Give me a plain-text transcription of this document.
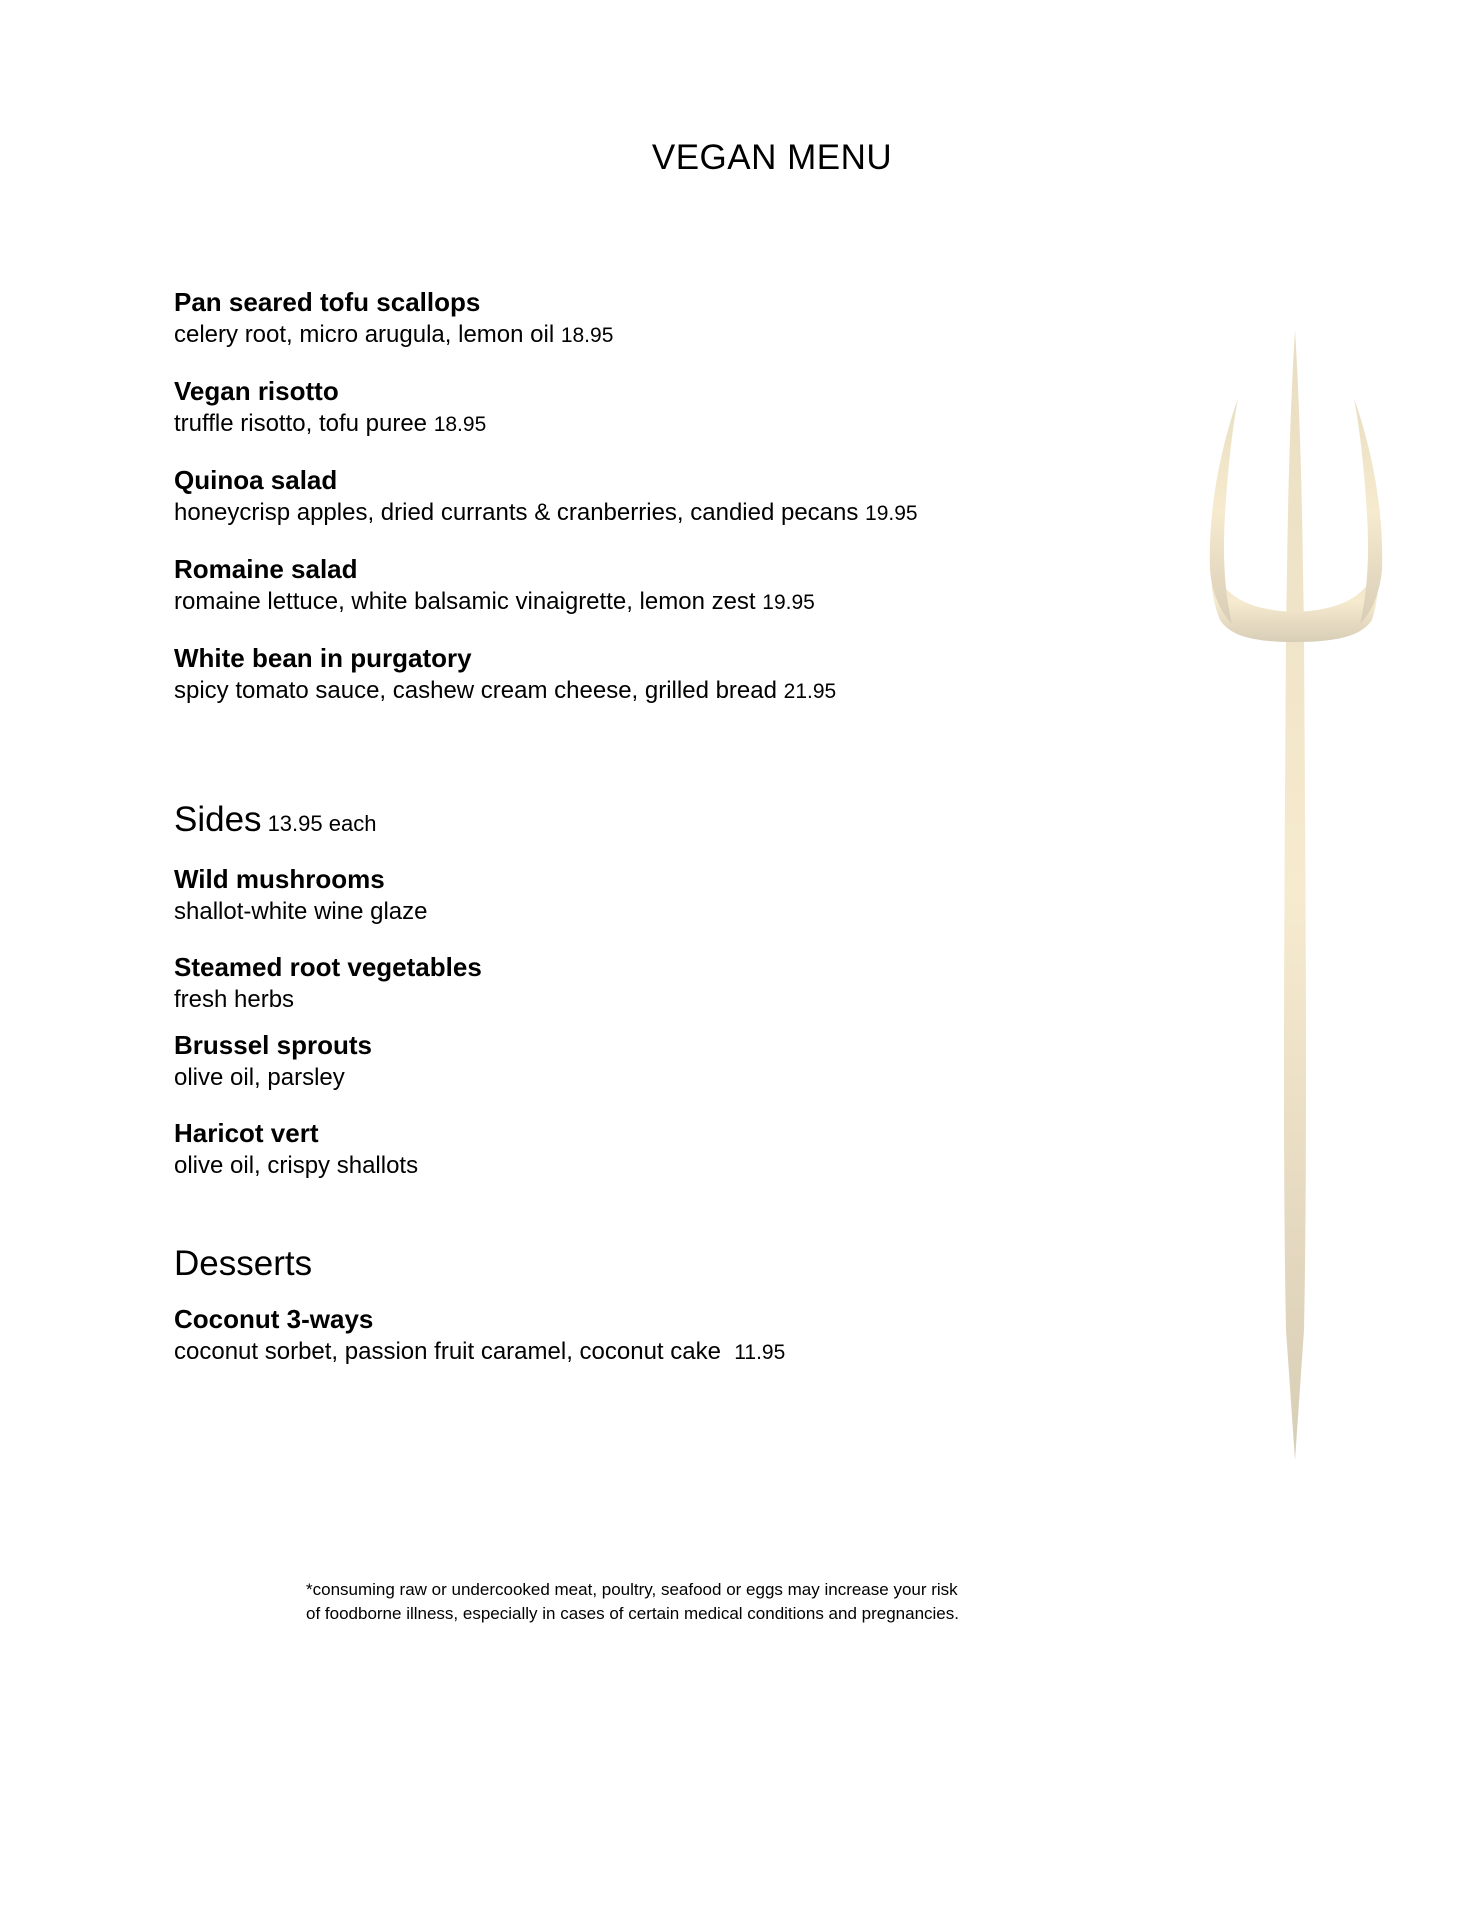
VEGAN MENU
Pan seared tofu scallops
celery root, micro arugula, lemon oil 18.95
Vegan risotto
truffle risotto, tofu puree 18.95
Quinoa salad
honeycrisp apples, dried currants & cranberries, candied pecans 19.95
Romaine salad
romaine lettuce, white balsamic vinaigrette, lemon zest 19.95
White bean in purgatory
spicy tomato sauce, cashew cream cheese, grilled bread 21.95
Sides 13.95 each
Wild mushrooms
shallot-white wine glaze
Steamed root vegetables
fresh herbs
Brussel sprouts
olive oil, parsley
Haricot vert
olive oil, crispy shallots
Desserts
Coconut 3-ways
coconut sorbet, passion fruit caramel, coconut cake 11.95
*consuming raw or undercooked meat, poultry, seafood or eggs may increase your risk
of foodborne illness, especially in cases of certain medical conditions and pregnancies.
